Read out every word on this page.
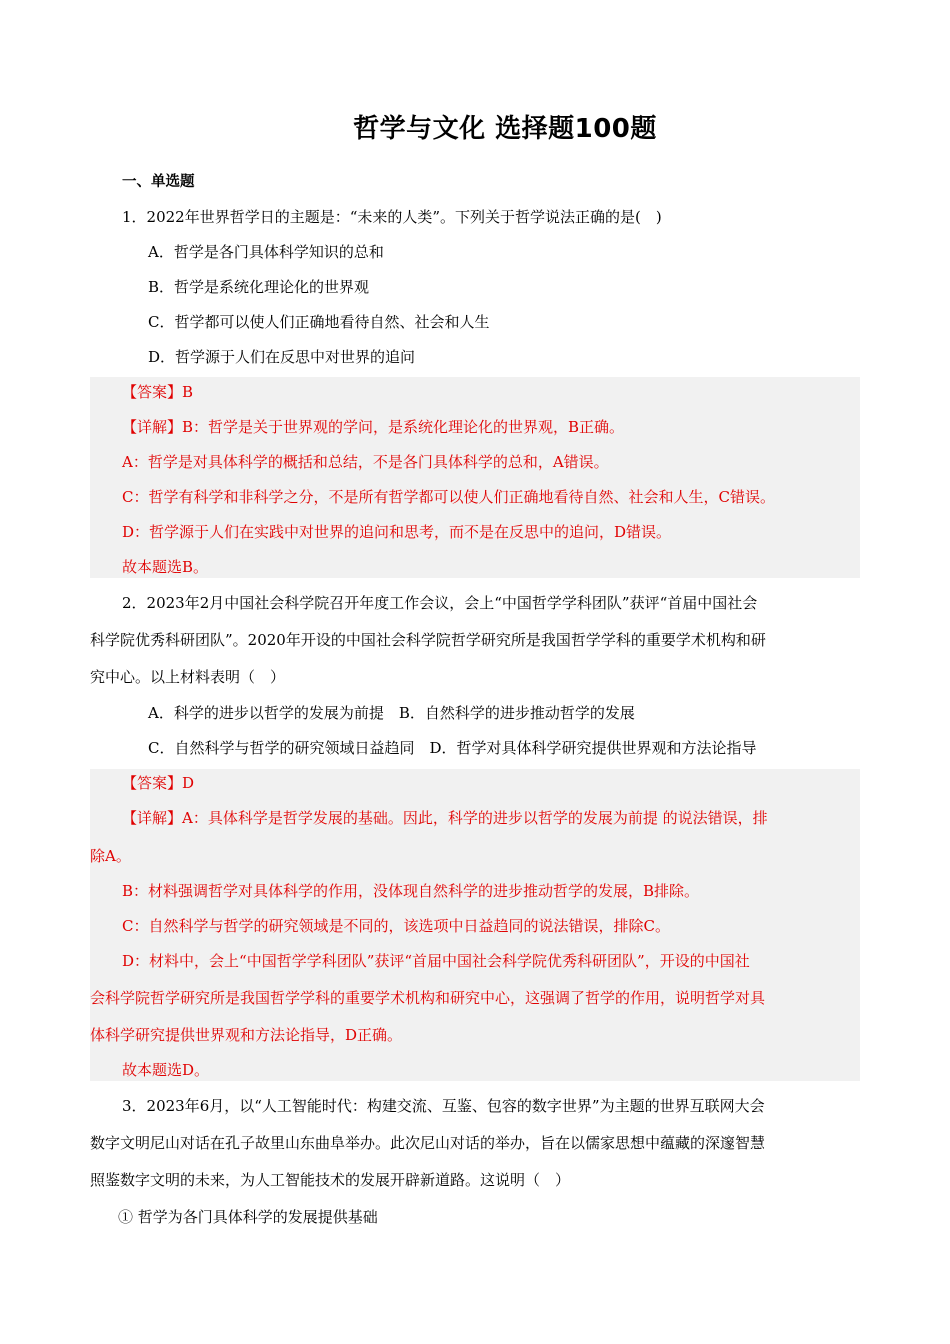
哲学与文化 选择题100题
一、单选题
1．2022年世界哲学日的主题是：“未来的人类”。下列关于哲学说法正确的是(　)
A．哲学是各门具体科学知识的总和
B．哲学是系统化理论化的世界观
C．哲学都可以使人们正确地看待自然、社会和人生
D．哲学源于人们在反思中对世界的追问
【答案】B
【详解】B：哲学是关于世界观的学问，是系统化理论化的世界观，B正确。
A：哲学是对具体科学的概括和总结，不是各门具体科学的总和，A错误。
C：哲学有科学和非科学之分，不是所有哲学都可以使人们正确地看待自然、社会和人生，C错误。
D：哲学源于人们在实践中对世界的追问和思考，而不是在反思中的追问，D错误。
故本题选B。
2．2023年2月中国社会科学院召开年度工作会议，会上“中国哲学学科团队”获评“首届中国社会
科学院优秀科研团队”。2020年开设的中国社会科学院哲学研究所是我国哲学学科的重要学术机构和研
究中心。以上材料表明（　）
A．科学的进步以哲学的发展为前提　B．自然科学的进步推动哲学的发展
C．自然科学与哲学的研究领域日益趋同　D．哲学对具体科学研究提供世界观和方法论指导
【答案】D
【详解】A：具体科学是哲学发展的基础。因此，科学的进步以哲学的发展为前提 的说法错误，排
除A。
B：材料强调哲学对具体科学的作用，没体现自然科学的进步推动哲学的发展，B排除。
C：自然科学与哲学的研究领域是不同的，该选项中日益趋同的说法错误，排除C。
D：材料中，会上“中国哲学学科团队”获评“首届中国社会科学院优秀科研团队”，开设的中国社
会科学院哲学研究所是我国哲学学科的重要学术机构和研究中心，这强调了哲学的作用，说明哲学对具
体科学研究提供世界观和方法论指导，D正确。
故本题选D。
3．2023年6月，以“人工智能时代：构建交流、互鉴、包容的数字世界”为主题的世界互联网大会
数字文明尼山对话在孔子故里山东曲阜举办。此次尼山对话的举办，旨在以儒家思想中蕴藏的深邃智慧
照鉴数字文明的未来，为人工智能技术的发展开辟新道路。这说明（　）
① 哲学为各门具体科学的发展提供基础
